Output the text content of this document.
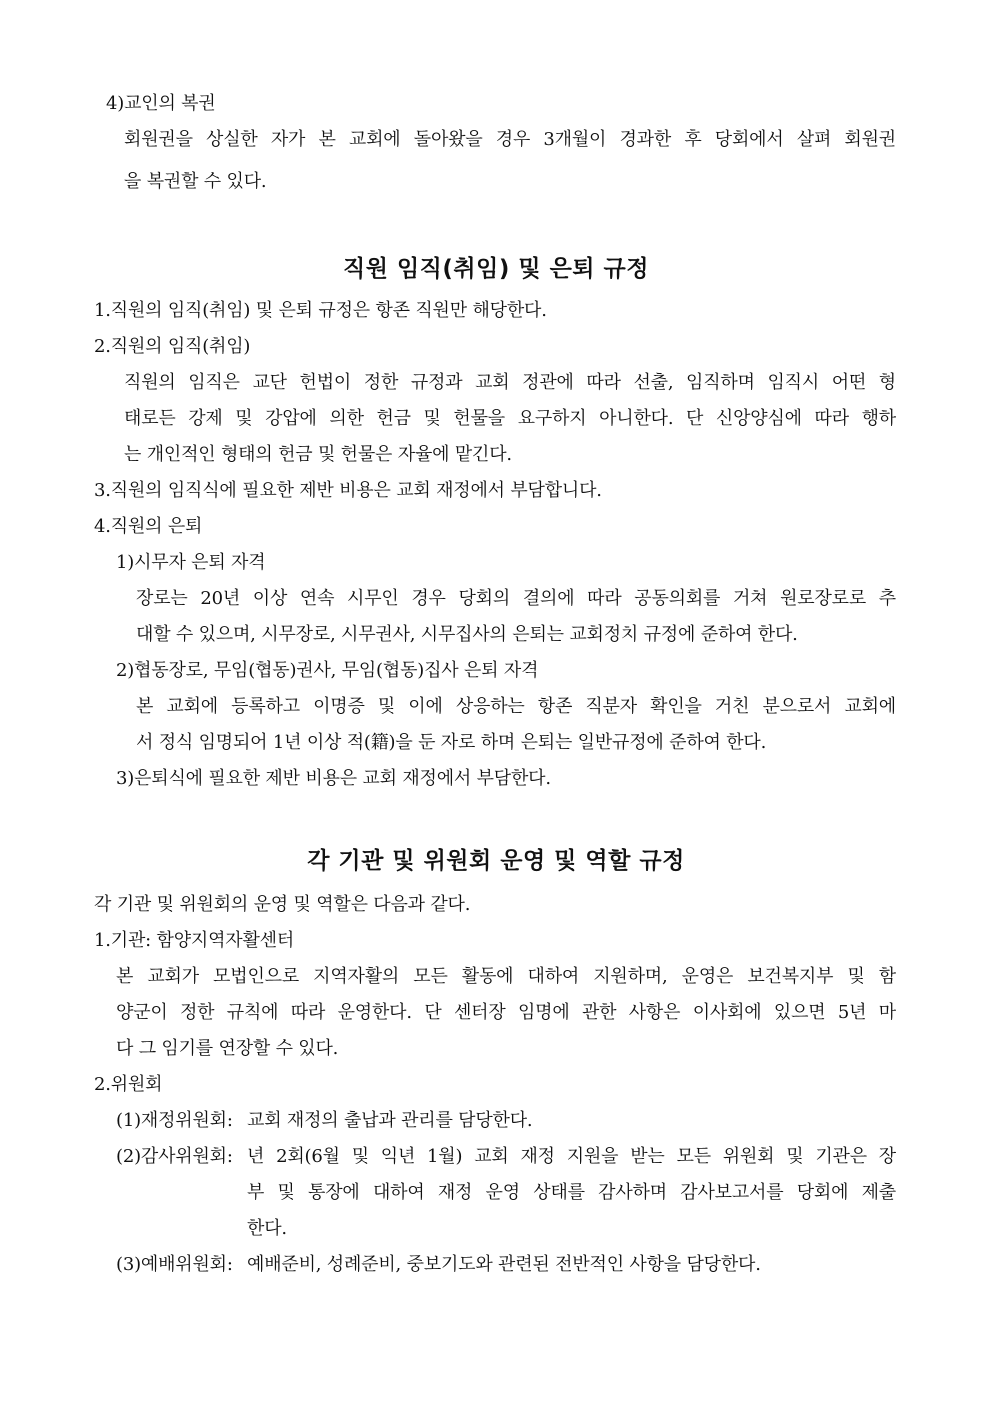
4)교인의 복권
회원권을 상실한 자가 본 교회에 돌아왔을 경우 3개월이 경과한 후 당회에서 살펴 회원권
을 복권할 수 있다.
직원 임직(취임) 및 은퇴 규정
1.직원의 임직(취임) 및 은퇴 규정은 항존 직원만 해당한다.
2.직원의 임직(취임)
직원의 임직은 교단 헌법이 정한 규정과 교회 정관에 따라 선출, 임직하며 임직시 어떤 형
태로든 강제 및 강압에 의한 헌금 및 헌물을 요구하지 아니한다. 단 신앙양심에 따라 행하
는 개인적인 형태의 헌금 및 헌물은 자율에 맡긴다.
3.직원의 임직식에 필요한 제반 비용은 교회 재정에서 부담합니다.
4.직원의 은퇴
1)시무자 은퇴 자격
장로는 20년 이상 연속 시무인 경우 당회의 결의에 따라 공동의회를 거쳐 원로장로로 추
대할 수 있으며, 시무장로, 시무권사, 시무집사의 은퇴는 교회정치 규정에 준하여 한다.
2)협동장로, 무임(협동)권사, 무임(협동)집사 은퇴 자격
본 교회에 등록하고 이명증 및 이에 상응하는 항존 직분자 확인을 거친 분으로서 교회에
서 정식 임명되어 1년 이상 적(籍)을 둔 자로 하며 은퇴는 일반규정에 준하여 한다.
3)은퇴식에 필요한 제반 비용은 교회 재정에서 부담한다.
각 기관 및 위원회 운영 및 역할 규정
각 기관 및 위원회의 운영 및 역할은 다음과 같다.
1.기관: 함양지역자활센터
본 교회가 모법인으로 지역자활의 모든 활동에 대하여 지원하며, 운영은 보건복지부 및 함
양군이 정한 규칙에 따라 운영한다. 단 센터장 임명에 관한 사항은 이사회에 있으면 5년 마
다 그 임기를 연장할 수 있다.
2.위원회
(1)재정위원회: 교회 재정의 출납과 관리를 담당한다.
(2)감사위원회: 년 2회(6월 및 익년 1월) 교회 재정 지원을 받는 모든 위원회 및 기관은 장
부 및 통장에 대하여 재정 운영 상태를 감사하며 감사보고서를 당회에 제출
한다.
(3)예배위원회: 예배준비, 성례준비, 중보기도와 관련된 전반적인 사항을 담당한다.
